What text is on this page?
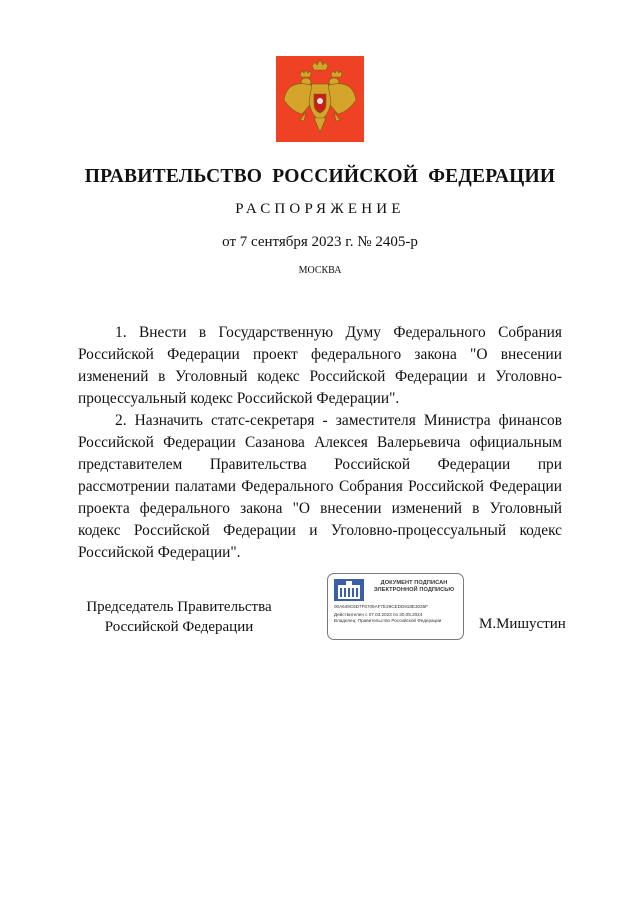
ПРАВИТЕЛЬСТВО  РОССИЙСКОЙ  ФЕДЕРАЦИИ
РАСПОРЯЖЕНИЕ
от 7 сентября 2023 г. № 2405-р
МОСКВА

1. Внести в Государственную Думу Федерального Собрания Российской Федерации проект федерального закона "О внесении изменений в Уголовный кодекс Российской Федерации и Уголовно-процессуальный кодекс Российской Федерации".

2. Назначить статс-секретаря - заместителя Министра финансов Российской Федерации Сазанова Алексея Валерьевича официальным представителем Правительства Российской Федерации при рассмотрении палатами Федерального Собрания Российской Федерации проекта федерального закона "О внесении изменений в Уголовный кодекс Российской Федерации и Уголовно-процессуальный кодекс Российской Федерации".

Председатель Правительства
Российской Федерации
ДОКУМЕНТ ПОДПИСАН
ЭЛЕКТРОННОЙ ПОДПИСЬЮ
00A649C6D7F6709AF7E29CEDD918E3035F
Действителен с 07.03.2023 по 30.05.2024
Владелец: Правительство Российской Федерации	М.Мишустин
